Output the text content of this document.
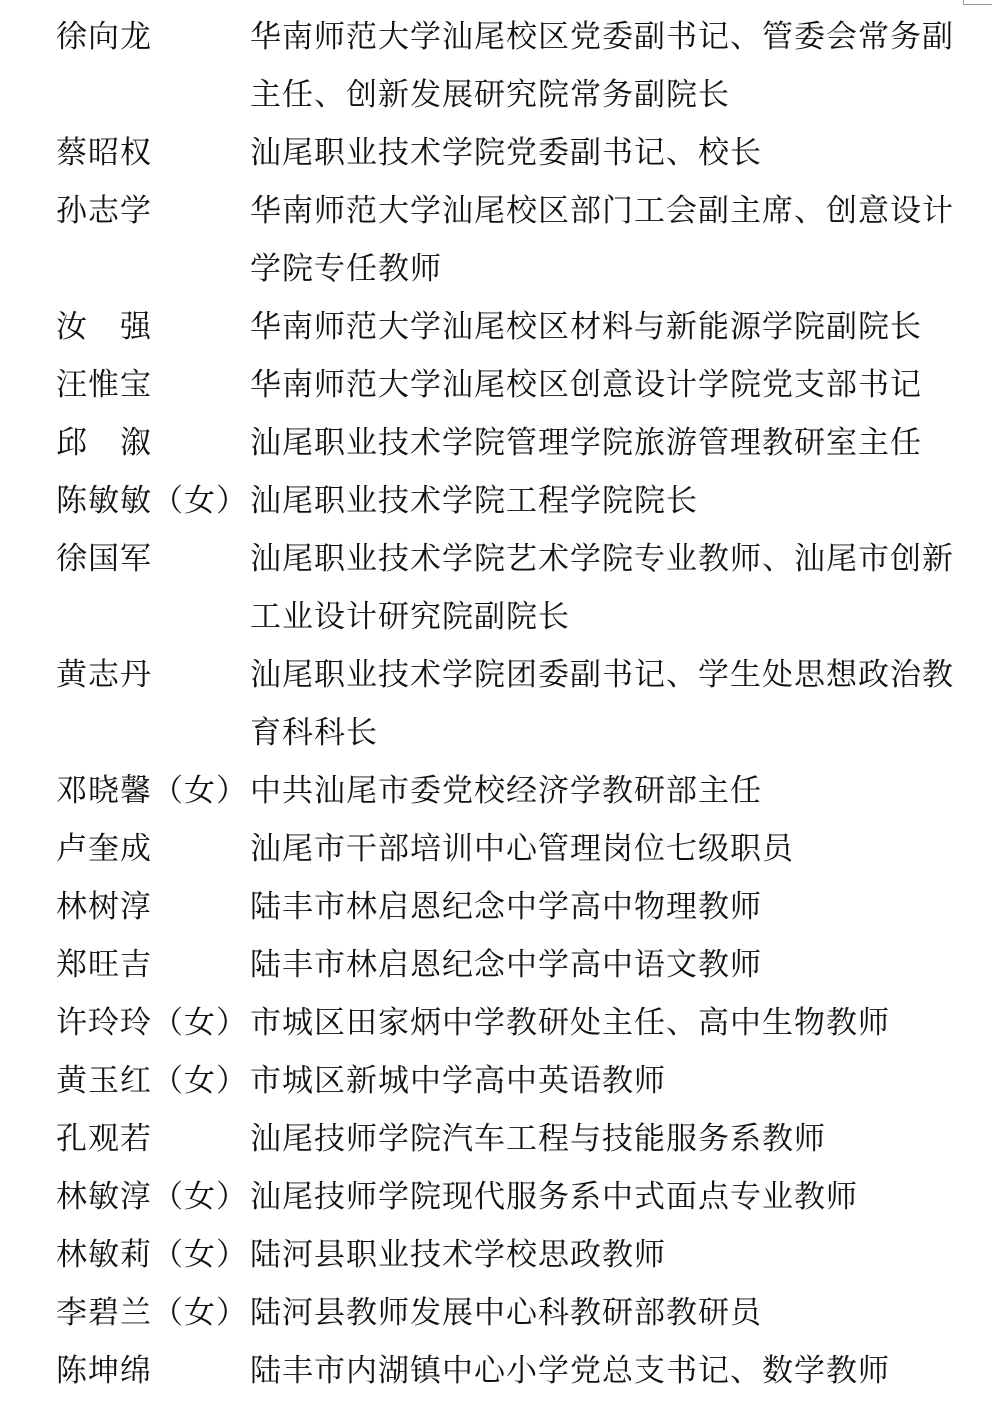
徐向龙	华南师范大学汕尾校区党委副书记、管委会常务副主任、创新发展研究院常务副院长
蔡昭权	汕尾职业技术学院党委副书记、校长
孙志学	华南师范大学汕尾校区部门工会副主席、创意设计学院专任教师
汝　强	华南师范大学汕尾校区材料与新能源学院副院长
汪惟宝	华南师范大学汕尾校区创意设计学院党支部书记
邱　溆	汕尾职业技术学院管理学院旅游管理教研室主任
陈敏敏（女） 汕尾职业技术学院工程学院院长
徐国军	汕尾职业技术学院艺术学院专业教师、汕尾市创新工业设计研究院副院长
黄志丹	汕尾职业技术学院团委副书记、学生处思想政治教育科科长
邓晓馨（女） 中共汕尾市委党校经济学教研部主任
卢奎成	汕尾市干部培训中心管理岗位七级职员
林树淳	陆丰市林启恩纪念中学高中物理教师
郑旺吉	陆丰市林启恩纪念中学高中语文教师
许玲玲（女） 市城区田家炳中学教研处主任、高中生物教师
黄玉红（女） 市城区新城中学高中英语教师
孔观若	汕尾技师学院汽车工程与技能服务系教师
林敏淳（女） 汕尾技师学院现代服务系中式面点专业教师
林敏莉（女） 陆河县职业技术学校思政教师
李碧兰（女） 陆河县教师发展中心科教研部教研员
陈坤绵	陆丰市内湖镇中心小学党总支书记、数学教师
